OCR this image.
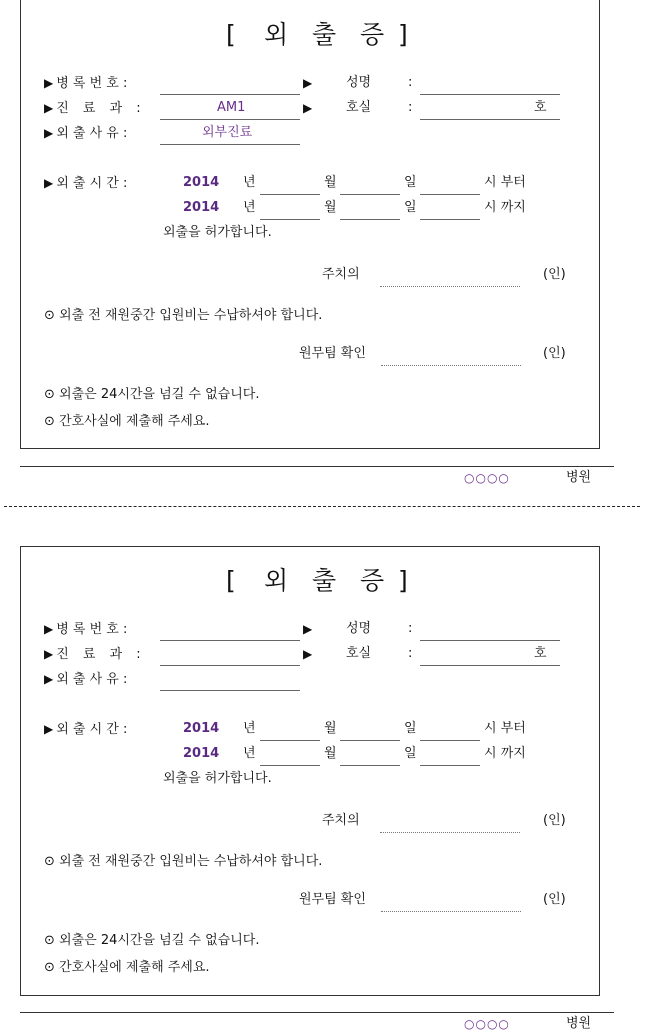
[ 외 출 증 ]
▶ 병 록 번 호 :	▶	성명	:
▶ 진 료 과 :	AM1	▶	호실	:	호
▶ 외 출 사 유 :	외부진료
▶ 외 출 시 간 :	2014 년	월	일	시 부터
2014 년	월	일	시 까지
외출을 허가합니다.
주치의	(인)
⊙ 외출 전 재원중간 입원비는 수납하셔야 합니다.
원무팀 확인	(인)
⊙ 외출은 24시간을 넘길 수 없습니다.
⊙ 간호사실에 제출해 주세요.
○○○○	병원
[ 외 출 증 ]
▶ 병 록 번 호 :	▶	성명	:
▶ 진 료 과 :	▶	호실	:	호
▶ 외 출 사 유 :
▶ 외 출 시 간 :	2014 년	월	일	시 부터
2014 년	월	일	시 까지
외출을 허가합니다.
주치의	(인)
⊙ 외출 전 재원중간 입원비는 수납하셔야 합니다.
원무팀 확인	(인)
⊙ 외출은 24시간을 넘길 수 없습니다.
⊙ 간호사실에 제출해 주세요.
○○○○	병원
